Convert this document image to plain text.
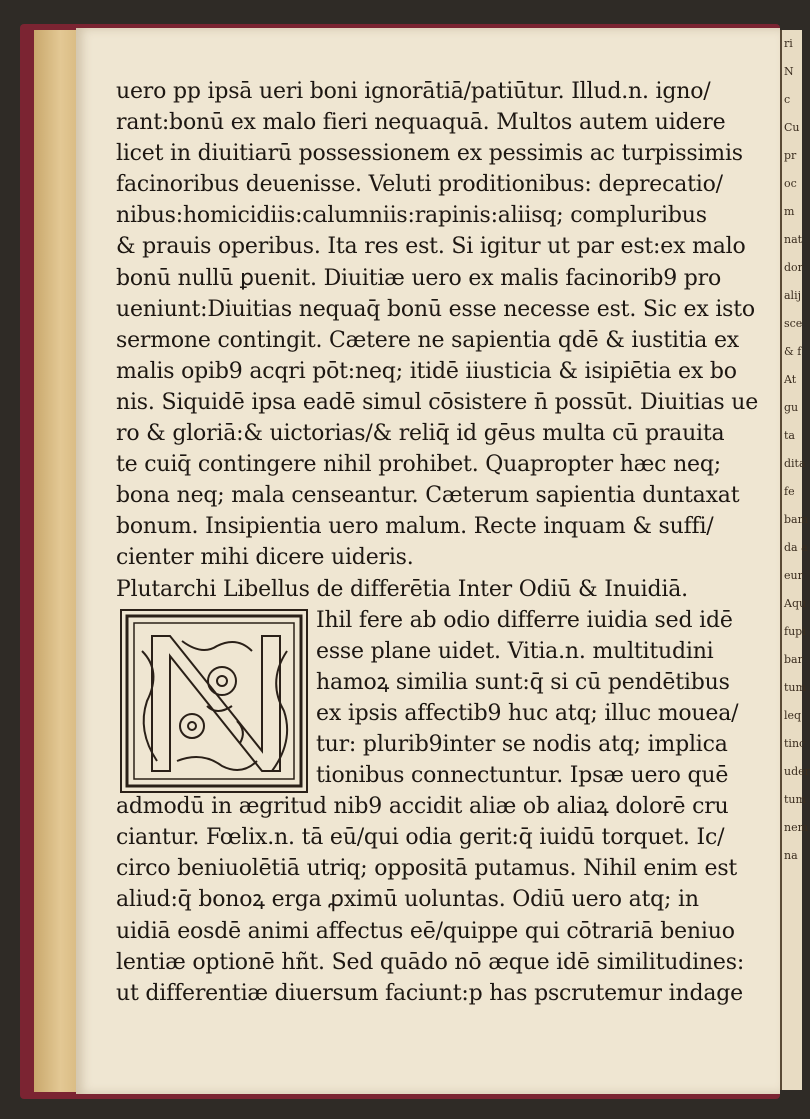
ri
N
c
Cu
pr
oc
m
nat
dor
alij
sce
& f
At
gu
ta
dita
fe
bam
da a
eur
Aqu
fupi
bar
tum
leq
tinc
uder
tum
nem
na
uero pp ipsā ueri boni ignorātiā/patiūtur. Illud.n. igno/
rant:bonū ex malo fieri nequaquā. Multos autem uidere
licet in diuitiarū possessionem ex pessimis ac turpissimis
facinoribus deuenisse. Veluti proditionibus: deprecatio/
nibus:homicidiis:calumniis:rapinis:aliisq; compluribus
& prauis operibus. Ita res est. Si igitur ut par est:ex malo
bonū nullū ꝑuenit. Diuitiæ uero ex malis facinorib9 pro
ueniunt:Diuitias nequaq̄ bonū esse necesse est. Sic ex isto
sermone contingit. Cætere ne sapientia qdē & iustitia ex
malis opib9 acqri pōt:neq; itidē iiusticia & isipiētia ex bo
nis. Siquidē ipsa eadē simul cōsistere n̄ possūt. Diuitias ue
ro & gloriā:& uictorias/& reliq̄ id gēus multa cū prauita
te cuiq̄ contingere nihil prohibet. Quapropter hæc neq;
bona neq; mala censeantur. Cæterum sapientia duntaxat
bonum. Insipientia uero malum. Recte inquam & suffi/
cienter mihi dicere uideris.
Plutarchi Libellus de differētia Inter Odiū & Inuidiā.
Ihil fere ab odio differre iuidia sed idē
esse plane uidet. Vitia.n. multitudini
hamoꝝ similia sunt:q̄ si cū pendētibus
ex ipsis affectib9 huc atq; illuc mouea/
tur: plurib9inter se nodis atq; implica
tionibus connectuntur. Ipsæ uero quē
admodū in ægritud nib9 accidit aliæ ob aliaꝝ dolorē cru
ciantur. Fœlix.n. tā eū/qui odia gerit:q̄ iuidū torquet. Ic/
circo beniuolētiā utriq; oppositā putamus. Nihil enim est
aliud:q̄ bonoꝝ erga ꝓximū uoluntas. Odiū uero atq; in
uidiā eosdē animi affectus eē/quippe qui cōtrariā beniuo
lentiæ optionē hñt. Sed quādo nō æque idē similitudines:
ut differentiæ diuersum faciunt:p has pscrutemur indage
